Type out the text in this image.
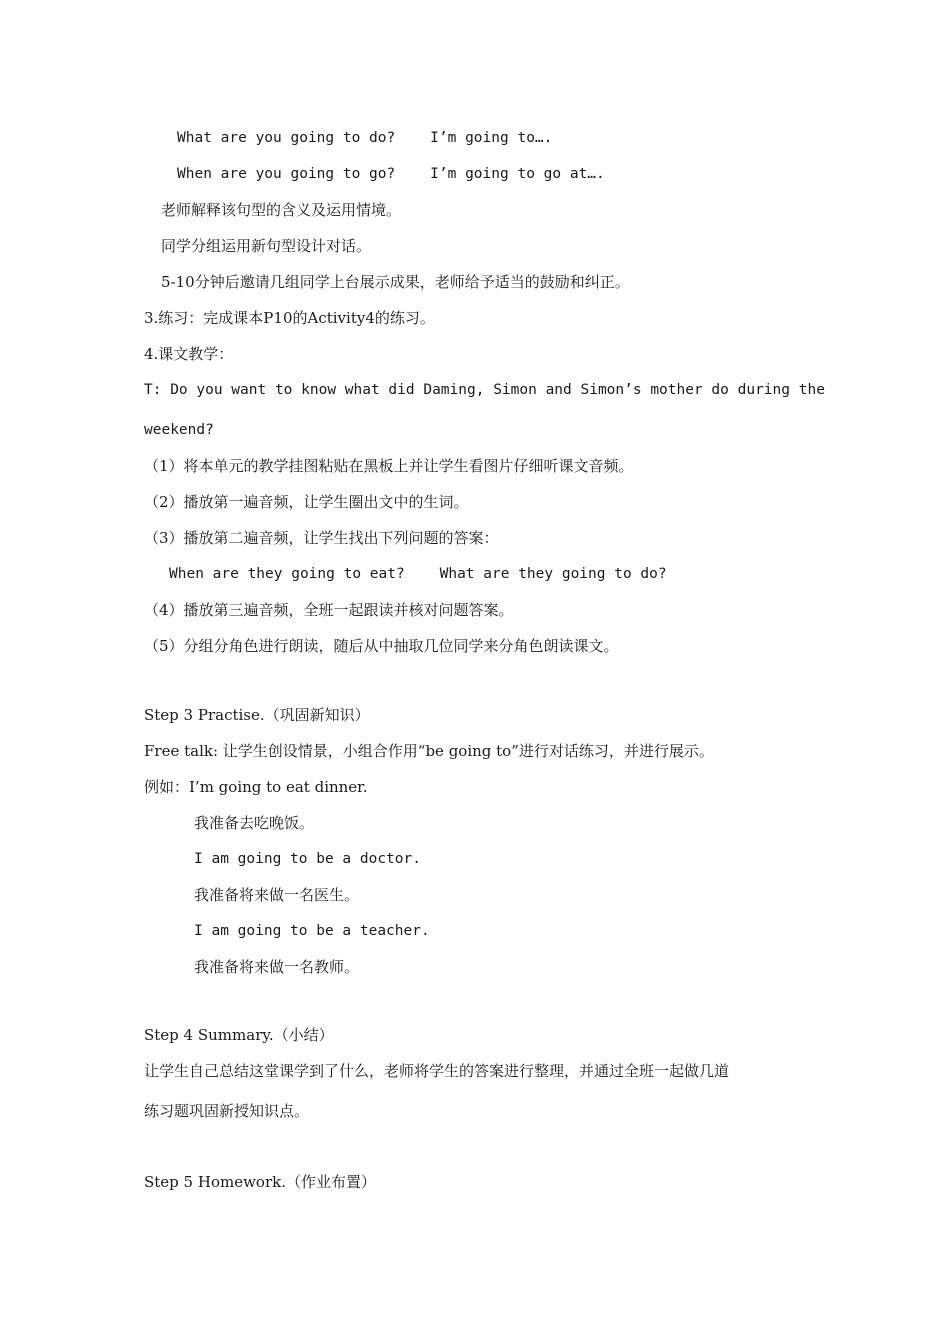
What are you going to do?    I’m going to….
When are you going to go?    I’m going to go at….
老师解释该句型的含义及运用情境。
同学分组运用新句型设计对话。
5-10分钟后邀请几组同学上台展示成果，老师给予适当的鼓励和纠正。
3.练习：完成课本P10的Activity4的练习。
4.课文教学：
T: Do you want to know what did Daming, Simon and Simon’s mother do during the
weekend?
（1）将本单元的教学挂图粘贴在黑板上并让学生看图片仔细听课文音频。
（2）播放第一遍音频，让学生圈出文中的生词。
（3）播放第二遍音频，让学生找出下列问题的答案：
When are they going to eat?    What are they going to do?
（4）播放第三遍音频，全班一起跟读并核对问题答案。
（5）分组分角色进行朗读，随后从中抽取几位同学来分角色朗读课文。
Step 3 Practise.（巩固新知识）
Free talk: 让学生创设情景，小组合作用“be going to”进行对话练习，并进行展示。
例如：I’m going to eat dinner.
我准备去吃晚饭。
I am going to be a doctor.
我准备将来做一名医生。
I am going to be a teacher.
我准备将来做一名教师。
Step 4 Summary.（小结）
让学生自己总结这堂课学到了什么，老师将学生的答案进行整理，并通过全班一起做几道
练习题巩固新授知识点。
Step 5 Homework.（作业布置）
